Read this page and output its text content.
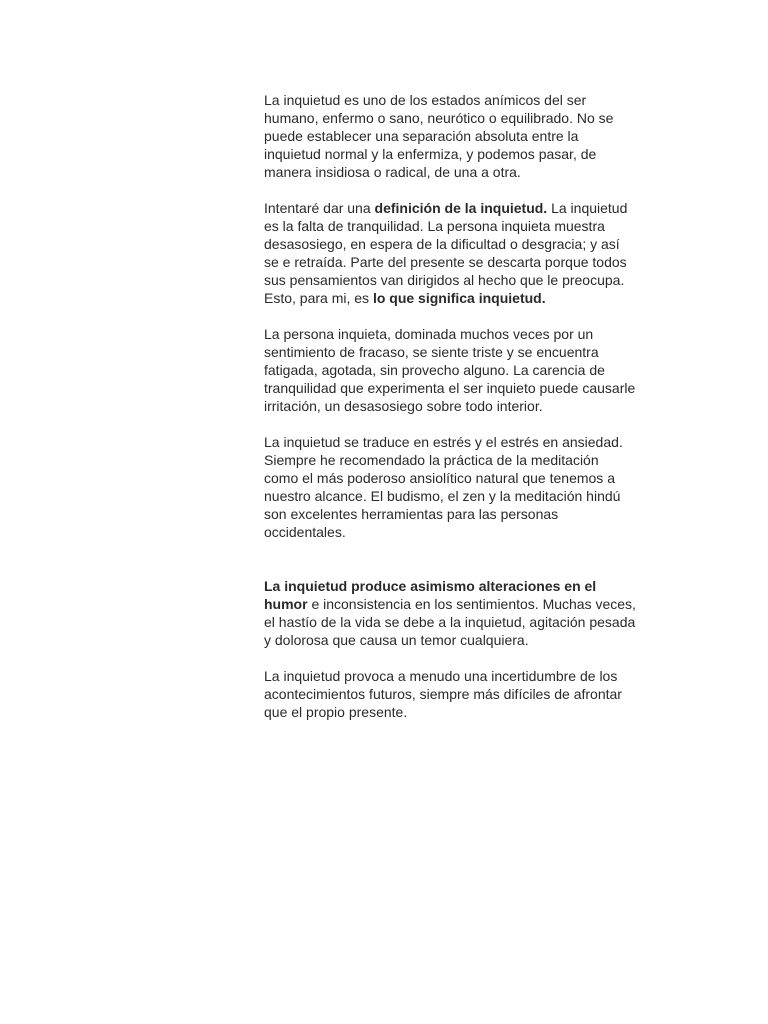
La inquietud es uno de los estados anímicos del ser humano, enfermo o sano, neurótico o equilibrado. No se puede establecer una separación absoluta entre la inquietud normal y la enfermiza, y podemos pasar, de manera insidiosa o radical, de una a otra.

Intentaré dar una definición de la inquietud. La inquietud es la falta de tranquilidad. La persona inquieta muestra desasosiego, en espera de la dificultad o desgracia; y así se e retraída. Parte del presente se descarta porque todos sus pensamientos van dirigidos al hecho que le preocupa. Esto, para mi, es lo que significa inquietud.

La persona inquieta, dominada muchos veces por un sentimiento de fracaso, se siente triste y se encuentra fatigada, agotada, sin provecho alguno. La carencia de tranquilidad que experimenta el ser inquieto puede causarle irritación, un desasosiego sobre todo interior.

La inquietud se traduce en estrés y el estrés en ansiedad. Siempre he recomendado la práctica de la meditación como el más poderoso ansiolítico natural que tenemos a nuestro alcance. El budismo, el zen y la meditación hindú son excelentes herramientas para las personas occidentales.

La inquietud produce asimismo alteraciones en el humor e inconsistencia en los sentimientos. Muchas veces, el hastío de la vida se debe a la inquietud, agitación pesada y dolorosa que causa un temor cualquiera.

La inquietud provoca a menudo una incertidumbre de los acontecimientos futuros, siempre más difíciles de afrontar que el propio presente.
